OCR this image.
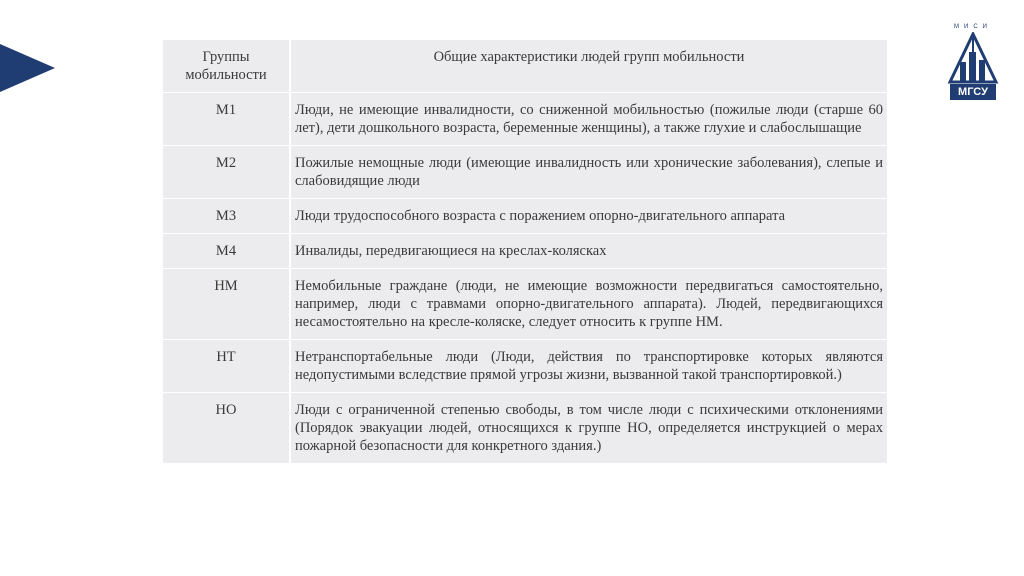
МИСИ
МГСУ
Группы мобильности	Общие характеристики людей групп мобильности
М1	Люди, не имеющие инвалидности, со сниженной мобильностью (пожилые люди (старше 60 лет), дети дошкольного возраста, беременные женщины), а также глухие и слабослышащие
М2	Пожилые немощные люди (имеющие инвалидность или хронические заболевания), слепые и слабовидящие люди
М3	Люди трудоспособного возраста с поражением опорно-двигательного аппарата
М4	Инвалиды, передвигающиеся на креслах-колясках
НМ	Немобильные граждане (люди, не имеющие возможности передвигаться самостоятельно, например, люди с травмами опорно-двигательного аппарата). Людей, передвигающихся несамостоятельно на кресле-коляске, следует относить к группе НМ.
НТ	Нетранспортабельные люди (Люди, действия по транспортировке которых являются недопустимыми вследствие прямой угрозы жизни, вызванной такой транспортировкой.)
НО	Люди с ограниченной степенью свободы, в том числе люди с психическими отклонениями (Порядок эвакуации людей, относящихся к группе НО, определяется инструкцией о мерах пожарной безопасности для конкретного здания.)
